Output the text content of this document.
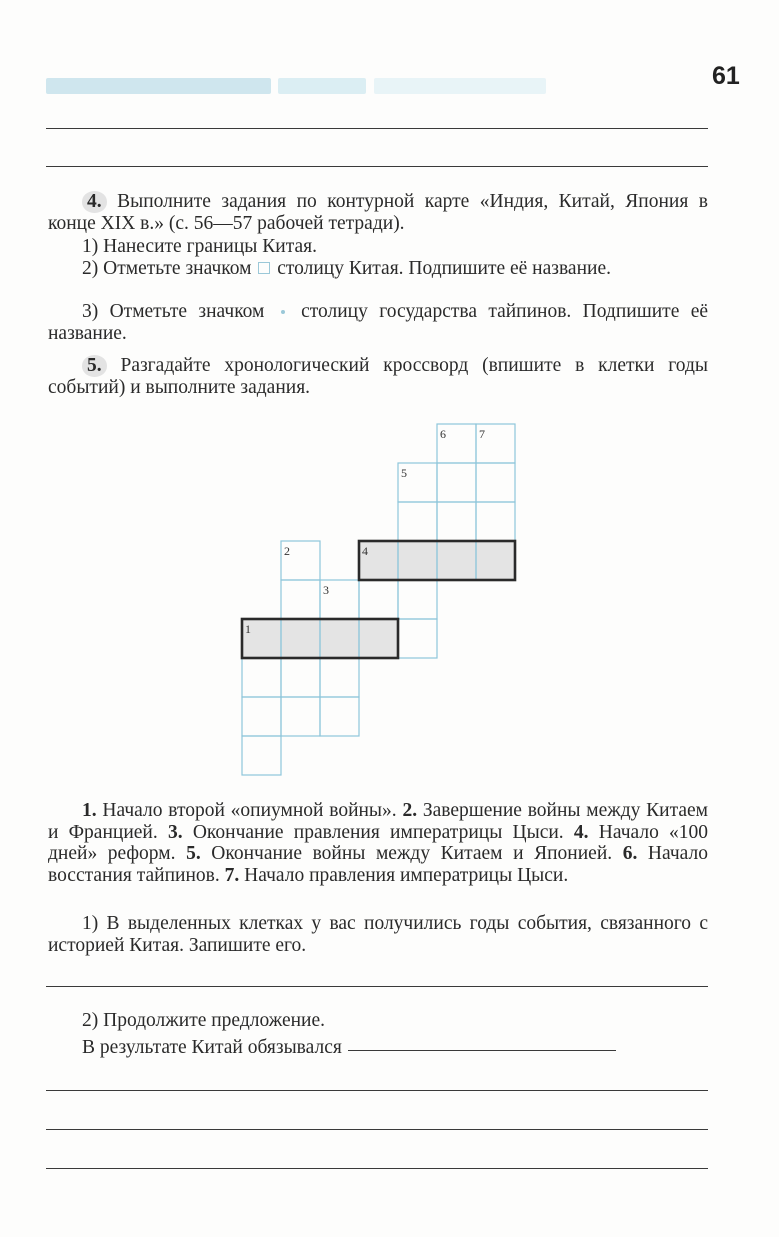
61

4. Выполните задания по контурной карте «Индия, Китай, Япония в конце XIX в.» (с. 56—57 рабочей тетради).

1) Нанесите границы Китая.

2) Отметьте значком столицу Китая. Подпишите её название.

3) Отметьте значком столицу государства тайпинов. Подпишите её название.

5. Разгадайте хронологический кроссворд (впишите в клетки годы событий) и выполните задания.

1
2
3
4
5
6	7

1. Начало второй «опиумной войны». 2. Завершение войны между Китаем и Францией. 3. Окончание правления императрицы Цыси. 4. Начало «100 дней» реформ. 5. Окончание войны между Китаем и Японией. 6. Начало восстания тайпинов. 7. Начало правления императрицы Цыси.

1) В выделенных клетках у вас получились годы события, связанного с историей Китая. Запишите его.

2) Продолжите предложение.

В результате Китай обязывался
